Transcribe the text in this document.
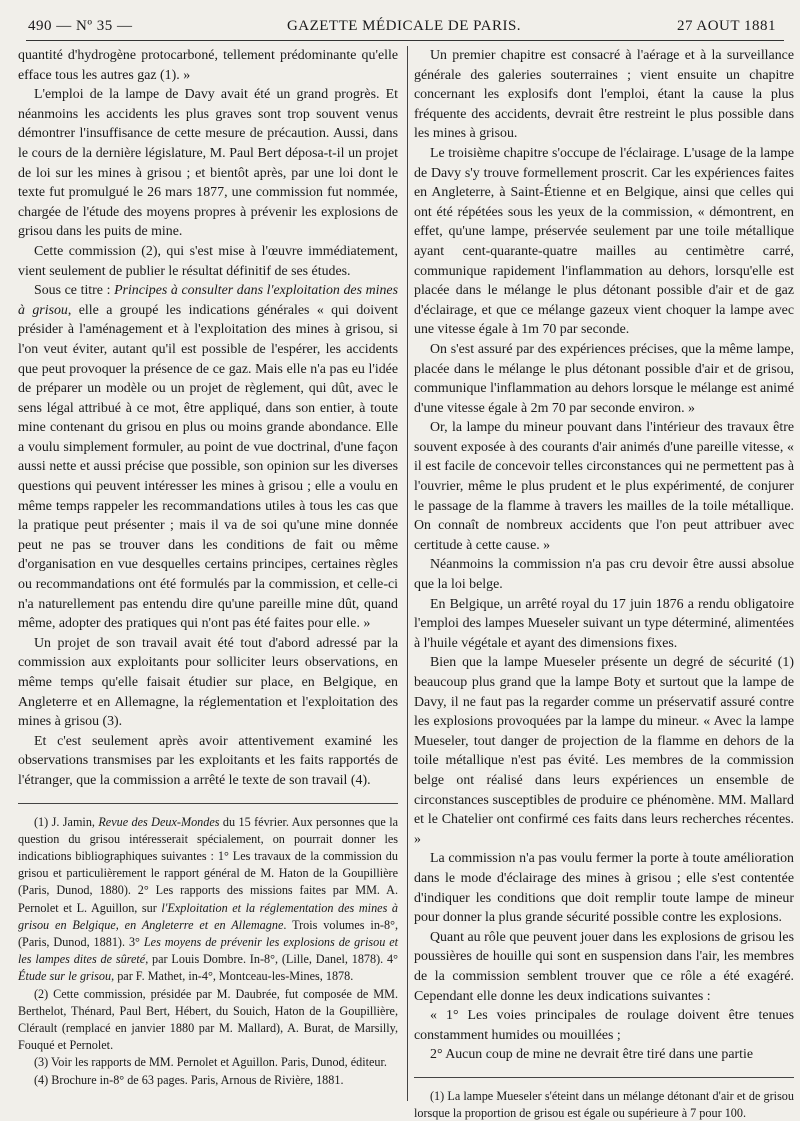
490 — Nº 35 —	GAZETTE MÉDICALE DE PARIS.	27 AOUT 1881

quantité d'hydrogène protocarboné, tellement prédominante qu'elle efface tous les autres gaz (1). »

L'emploi de la lampe de Davy avait été un grand progrès. Et néanmoins les accidents les plus graves sont trop souvent venus démontrer l'insuffisance de cette mesure de précaution. Aussi, dans le cours de la dernière législature, M. Paul Bert déposa-t-il un projet de loi sur les mines à grisou ; et bientôt après, par une loi dont le texte fut promulgué le 26 mars 1877, une commission fut nommée, chargée de l'étude des moyens propres à prévenir les explosions de grisou dans les puits de mine.

Cette commission (2), qui s'est mise à l'œuvre immédiatement, vient seulement de publier le résultat définitif de ses études.

Sous ce titre : Principes à consulter dans l'exploitation des mines à grisou, elle a groupé les indications générales « qui doivent présider à l'aménagement et à l'exploitation des mines à grisou, si l'on veut éviter, autant qu'il est possible de l'espérer, les accidents que peut provoquer la présence de ce gaz. Mais elle n'a pas eu l'idée de préparer un modèle ou un projet de règlement, qui dût, avec le sens légal attribué à ce mot, être appliqué, dans son entier, à toute mine contenant du grisou en plus ou moins grande abondance. Elle a voulu simplement formuler, au point de vue doctrinal, d'une façon aussi nette et aussi précise que possible, son opinion sur les diverses questions qui peuvent intéresser les mines à grisou ; elle a voulu en même temps rappeler les recommandations utiles à tous les cas que la pratique peut présenter ; mais il va de soi qu'une mine donnée peut ne pas se trouver dans les conditions de fait ou même d'organisation en vue desquelles certains principes, certaines règles ou recommandations ont été formulés par la commission, et celle-ci n'a naturellement pas entendu dire qu'une pareille mine dût, quand même, adopter des pratiques qui n'ont pas été faites pour elle. »

Un projet de son travail avait été tout d'abord adressé par la commission aux exploitants pour solliciter leurs observations, en même temps qu'elle faisait étudier sur place, en Belgique, en Angleterre et en Allemagne, la réglementation et l'exploitation des mines à grisou (3).

Et c'est seulement après avoir attentivement examiné les observations transmises par les exploitants et les faits rapportés de l'étranger, que la commission a arrêté le texte de son travail (4).

(1) J. Jamin, Revue des Deux-Mondes du 15 février. Aux personnes que la question du grisou intéresserait spécialement, on pourrait donner les indications bibliographiques suivantes : 1° Les travaux de la commission du grisou et particulièrement le rapport général de M. Haton de la Goupillière (Paris, Dunod, 1880). 2° Les rapports des missions faites par MM. A. Pernolet et L. Aguillon, sur l'Exploitation et la réglementation des mines à grisou en Belgique, en Angleterre et en Allemagne. Trois volumes in-8°, (Paris, Dunod, 1881). 3° Les moyens de prévenir les explosions de grisou et les lampes dites de sûreté, par Louis Dombre. In-8°, (Lille, Danel, 1878). 4° Étude sur le grisou, par F. Mathet, in-4°, Montceau-les-Mines, 1878.

(2) Cette commission, présidée par M. Daubrée, fut composée de MM. Berthelot, Thénard, Paul Bert, Hébert, du Souich, Haton de la Goupillière, Clérault (remplacé en janvier 1880 par M. Mallard), A. Burat, de Marsilly, Fouqué et Pernolet.

(3) Voir les rapports de MM. Pernolet et Aguillon. Paris, Dunod, éditeur.

(4) Brochure in-8° de 63 pages. Paris, Arnous de Rivière, 1881.

Un premier chapitre est consacré à l'aérage et à la surveillance générale des galeries souterraines ; vient ensuite un chapitre concernant les explosifs dont l'emploi, étant la cause la plus fréquente des accidents, devrait être restreint le plus possible dans les mines à grisou.

Le troisième chapitre s'occupe de l'éclairage. L'usage de la lampe de Davy s'y trouve formellement proscrit. Car les expériences faites en Angleterre, à Saint-Étienne et en Belgique, ainsi que celles qui ont été répétées sous les yeux de la commission, « démontrent, en effet, qu'une lampe, préservée seulement par une toile métallique ayant cent-quarante-quatre mailles au centimètre carré, communique rapidement l'inflammation au dehors, lorsqu'elle est placée dans le mélange le plus détonant possible d'air et de gaz d'éclairage, et que ce mélange gazeux vient choquer la lampe avec une vitesse égale à 1m 70 par seconde.

On s'est assuré par des expériences précises, que la même lampe, placée dans le mélange le plus détonant possible d'air et de grisou, communique l'inflammation au dehors lorsque le mélange est animé d'une vitesse égale à 2m 70 par seconde environ. »

Or, la lampe du mineur pouvant dans l'intérieur des travaux être souvent exposée à des courants d'air animés d'une pareille vitesse, « il est facile de concevoir telles circonstances qui ne permettent pas à l'ouvrier, même le plus prudent et le plus expérimenté, de conjurer le passage de la flamme à travers les mailles de la toile métallique. On connaît de nombreux accidents que l'on peut attribuer avec certitude à cette cause. »

Néanmoins la commission n'a pas cru devoir être aussi absolue que la loi belge.

En Belgique, un arrêté royal du 17 juin 1876 a rendu obligatoire l'emploi des lampes Mueseler suivant un type déterminé, alimentées à l'huile végétale et ayant des dimensions fixes.

Bien que la lampe Mueseler présente un degré de sécurité (1) beaucoup plus grand que la lampe Boty et surtout que la lampe de Davy, il ne faut pas la regarder comme un préservatif assuré contre les explosions provoquées par la lampe du mineur. « Avec la lampe Mueseler, tout danger de projection de la flamme en dehors de la toile métallique n'est pas évité. Les membres de la commission belge ont réalisé dans leurs expériences un ensemble de circonstances susceptibles de produire ce phénomène. MM. Mallard et le Chatelier ont confirmé ces faits dans leurs recherches récentes. »

La commission n'a pas voulu fermer la porte à toute amélioration dans le mode d'éclairage des mines à grisou ; elle s'est contentée d'indiquer les conditions que doit remplir toute lampe de mineur pour donner la plus grande sécurité possible contre les explosions.

Quant au rôle que peuvent jouer dans les explosions de grisou les poussières de houille qui sont en suspension dans l'air, les membres de la commission semblent trouver que ce rôle a été exagéré. Cependant elle donne les deux indications suivantes :

« 1° Les voies principales de roulage doivent être tenues constamment humides ou mouillées ;

2° Aucun coup de mine ne devrait être tiré dans une partie

(1) La lampe Mueseler s'éteint dans un mélange détonant d'air et de grisou lorsque la proportion de grisou est égale ou supérieure à 7 pour 100.
